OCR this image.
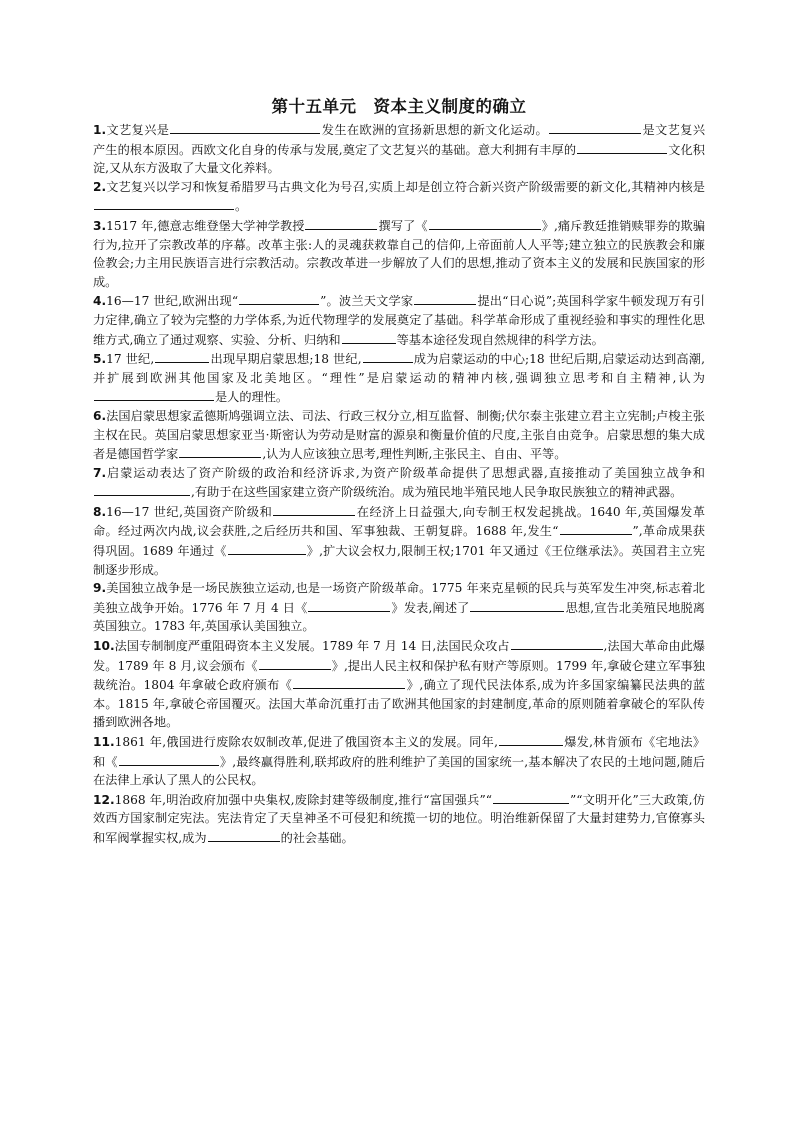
第十五单元　资本主义制度的确立

1.文艺复兴是	发生在欧洲的宣扬新思想的新文化运动。	是文艺复兴产生的根本原因。西欧文化自身的传承与发展,奠定了文艺复兴的基础。意大利拥有丰厚的	文化积淀,又从东方汲取了大量文化养料。

2.文艺复兴以学习和恢复希腊罗马古典文化为号召,实质上却是创立符合新兴资产阶级需要的新文化,其精神内核是。

3.1517 年,德意志维登堡大学神学教授	撰写了《	》,痛斥教廷推销赎罪券的欺骗行为,拉开了宗教改革的序幕。改革主张:人的灵魂获救靠自己的信仰,上帝面前人人平等;建立独立的民族教会和廉俭教会;力主用民族语言进行宗教活动。宗教改革进一步解放了人们的思想,推动了资本主义的发展和民族国家的形成。

4.16—17 世纪,欧洲出现“	”。波兰天文学家	提出“日心说”;英国科学家牛顿发现万有引力定律,确立了较为完整的力学体系,为近代物理学的发展奠定了基础。科学革命形成了重视经验和事实的理性化思维方式,确立了通过观察、实验、分析、归纳和	等基本途径发现自然规律的科学方法。

5.17 世纪,	出现早期启蒙思想;18 世纪,	成为启蒙运动的中心;18 世纪后期,启蒙运动达到高潮,并扩展到欧洲其他国家及北美地区。“理性”是启蒙运动的精神内核,强调独立思考和自主精神,认为是人的理性。

6.法国启蒙思想家孟德斯鸠强调立法、司法、行政三权分立,相互监督、制衡;伏尔泰主张建立君主立宪制;卢梭主张主权在民。英国启蒙思想家亚当·斯密认为劳动是财富的源泉和衡量价值的尺度,主张自由竞争。启蒙思想的集大成者是德国哲学家	,认为人应该独立思考,理性判断,主张民主、自由、平等。

7.启蒙运动表达了资产阶级的政治和经济诉求,为资产阶级革命提供了思想武器,直接推动了美国独立战争和,有助于在这些国家建立资产阶级统治。成为殖民地半殖民地人民争取民族独立的精神武器。

8.16—17 世纪,英国资产阶级和	在经济上日益强大,向专制王权发起挑战。1640 年,英国爆发革命。经过两次内战,议会获胜,之后经历共和国、军事独裁、王朝复辟。1688 年,发生“	”,革命成果获得巩固。1689 年通过《	》,扩大议会权力,限制王权;1701 年又通过《王位继承法》。英国君主立宪制逐步形成。

9.美国独立战争是一场民族独立运动,也是一场资产阶级革命。1775 年来克星顿的民兵与英军发生冲突,标志着北美独立战争开始。1776 年 7 月 4 日《	》发表,阐述了	思想,宣告北美殖民地脱离英国独立。1783 年,英国承认美国独立。

10.法国专制制度严重阻碍资本主义发展。1789 年 7 月 14 日,法国民众攻占	,法国大革命由此爆发。1789 年 8 月,议会颁布《	》,提出人民主权和保护私有财产等原则。1799 年,拿破仑建立军事独裁统治。1804 年拿破仑政府颁布《	》,确立了现代民法体系,成为许多国家编纂民法典的蓝本。1815 年,拿破仑帝国覆灭。法国大革命沉重打击了欧洲其他国家的封建制度,革命的原则随着拿破仑的军队传播到欧洲各地。

11.1861 年,俄国进行废除农奴制改革,促进了俄国资本主义的发展。同年,	爆发,林肯颁布《宅地法》和《	》,最终赢得胜利,联邦政府的胜利维护了美国的国家统一,基本解决了农民的土地问题,随后在法律上承认了黑人的公民权。

12.1868 年,明治政府加强中央集权,废除封建等级制度,推行“富国强兵”“	”“文明开化”三大政策,仿效西方国家制定宪法。宪法肯定了天皇神圣不可侵犯和统揽一切的地位。明治维新保留了大量封建势力,官僚寡头和军阀掌握实权,成为	的社会基础。
